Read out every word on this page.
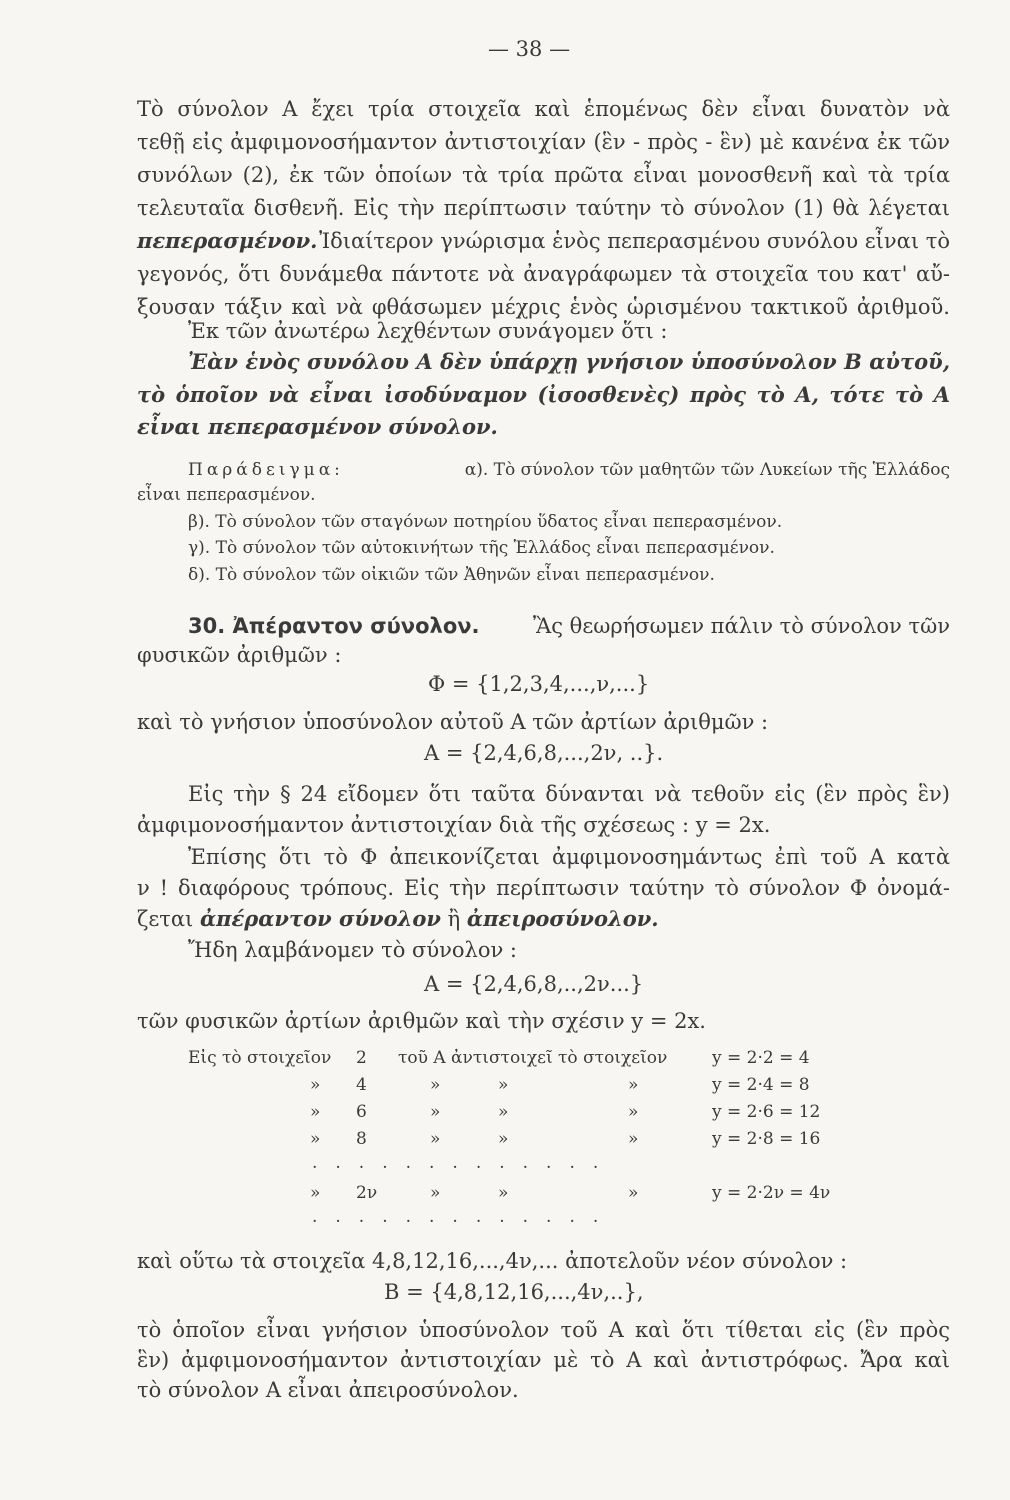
— 38 —
Τὸ σύνολον Α ἔχει τρία στοιχεῖα καὶ ἑπομένως δὲν εἶναι δυνατὸν νὰ
τεθῇ εἰς ἀμφιμονοσήμαντον ἀντιστοιχίαν (ἓν - πρὸς - ἓν) μὲ κανένα ἐκ τῶν
συνόλων (2), ἐκ τῶν ὁποίων τὰ τρία πρῶτα εἶναι μονοσθενῆ καὶ τὰ τρία
τελευταῖα δισθενῆ. Εἰς τὴν περίπτωσιν ταύτην τὸ σύνολον (1) θὰ λέγεται
πεπερασμένον. Ἰδιαίτερον γνώρισμα ἑνὸς πεπερασμένου συνόλου εἶναι τὸ
γεγονός, ὅτι δυνάμεθα πάντοτε νὰ ἀναγράφωμεν τὰ στοιχεῖα του κατ' αὔ-
ξουσαν τάξιν καὶ νὰ φθάσωμεν μέχρις ἑνὸς ὡρισμένου τακτικοῦ ἀριθμοῦ.
Ἐκ τῶν ἀνωτέρω λεχθέντων συνάγομεν ὅτι :
Ἐὰν ἑνὸς συνόλου Α δὲν ὑπάρχῃ γνήσιον ὑποσύνολον Β αὐτοῦ,
τὸ ὁποῖον νὰ εἶναι ἰσοδύναμον (ἰσοσθενὲς) πρὸς τὸ Α, τότε τὸ Α
εἶναι πεπερασμένον σύνολον.
Παράδειγμα:	α). Τὸ σύνολον τῶν μαθητῶν τῶν Λυκείων τῆς Ἑλλάδος
εἶναι πεπερασμένον.
β). Τὸ σύνολον τῶν σταγόνων ποτηρίου ὕδατος εἶναι πεπερασμένον.
γ). Τὸ σύνολον τῶν αὐτοκινήτων τῆς Ἑλλάδος εἶναι πεπερασμένον.
δ). Τὸ σύνολον τῶν οἰκιῶν τῶν Ἀθηνῶν εἶναι πεπερασμένον.
30. Ἀπέραντον σύνολον.	Ἂς θεωρήσωμεν πάλιν τὸ σύνολον τῶν
φυσικῶν ἀριθμῶν :
Φ = {1,2,3,4,...,ν,...}
καὶ τὸ γνήσιον ὑποσύνολον αὐτοῦ Α τῶν ἀρτίων ἀριθμῶν :
Α = {2,4,6,8,...,2ν, ..}.
Εἰς τὴν § 24 εἴδομεν ὅτι ταῦτα δύνανται νὰ τεθοῦν εἰς (ἓν πρὸς ἓν)
ἀμφιμονοσήμαντον ἀντιστοιχίαν διὰ τῆς σχέσεως : y = 2x.
Ἐπίσης ὅτι τὸ Φ ἀπεικονίζεται ἀμφιμονοσημάντως ἐπὶ τοῦ Α κατὰ
ν ! διαφόρους τρόπους. Εἰς τὴν περίπτωσιν ταύτην τὸ σύνολον Φ ὀνομά-
ζεται ἀπέραντον σύνολον ἢ ἀπειροσύνολον.
Ἤδη λαμβάνομεν τὸ σύνολον :
Α = {2,4,6,8,..,2ν...}
τῶν φυσικῶν ἀρτίων ἀριθμῶν καὶ τὴν σχέσιν y = 2x.
Εἰς τὸ στοιχεῖον 2 τοῦ Α ἀντιστοιχεῖ τὸ στοιχεῖον	y = 2·2 = 4
» 4	»	»	»	y = 2·4 = 8
» 6	»	»	»	y = 2·6 = 12
» 8	»	»	»	y = 2·8 = 16
.............
» 2ν	»	»	»	y = 2·2ν = 4ν
.............
καὶ οὕτω τὰ στοιχεῖα 4,8,12,16,...,4ν,... ἀποτελοῦν νέον σύνολον :
Β = {4,8,12,16,...,4ν,..},
τὸ ὁποῖον εἶναι γνήσιον ὑποσύνολον τοῦ Α καὶ ὅτι τίθεται εἰς (ἓν πρὸς
ἓν) ἀμφιμονοσήμαντον ἀντιστοιχίαν μὲ τὸ Α καὶ ἀντιστρόφως. Ἄρα καὶ
τὸ σύνολον Α εἶναι ἀπειροσύνολον.
